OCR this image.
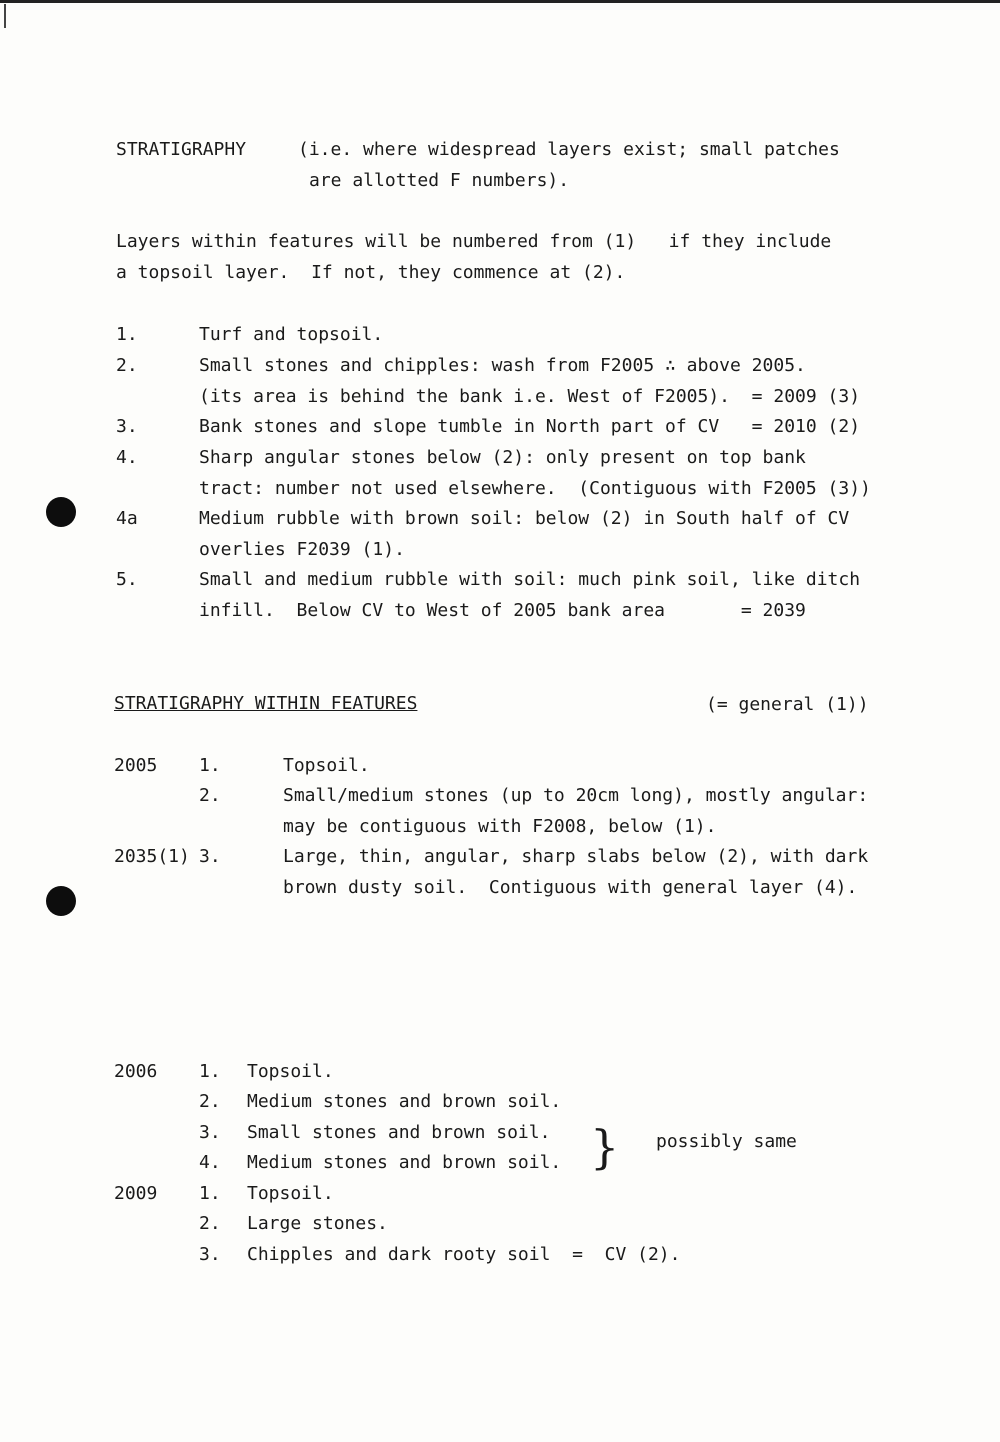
STRATIGRAPHY	(i.e. where widespread layers exist; small patches
are allotted F numbers).
Layers within features will be numbered from (1)   if they include
a topsoil layer.  If not, they commence at (2).
1.	Turf and topsoil.
2.	Small stones and chipples: wash from F2005 ∴ above 2005.
(its area is behind the bank i.e. West of F2005).  = 2009 (3)
3.	Bank stones and slope tumble in North part of CV   = 2010 (2)
4.	Sharp angular stones below (2): only present on top bank
tract: number not used elsewhere.  (Contiguous with F2005 (3))
4a	Medium rubble with brown soil: below (2) in South half of CV
overlies F2039 (1).
5.	Small and medium rubble with soil: much pink soil, like ditch
infill.  Below CV to West of 2005 bank area       = 2039
STRATIGRAPHY WITHIN FEATURES	(= general (1))
2005 1.	Topsoil.
2.	Small/medium stones (up to 20cm long), mostly angular:
may be contiguous with F2008, below (1).
2035(1) 3.	Large, thin, angular, sharp slabs below (2), with dark
brown dusty soil.  Contiguous with general layer (4).
2006 1. Topsoil.
2. Medium stones and brown soil.
3. Small stones and brown soil.
4. Medium stones and brown soil. } possibly same
2009 1. Topsoil.
2. Large stones.
3. Chipples and dark rooty soil  =  CV (2).
